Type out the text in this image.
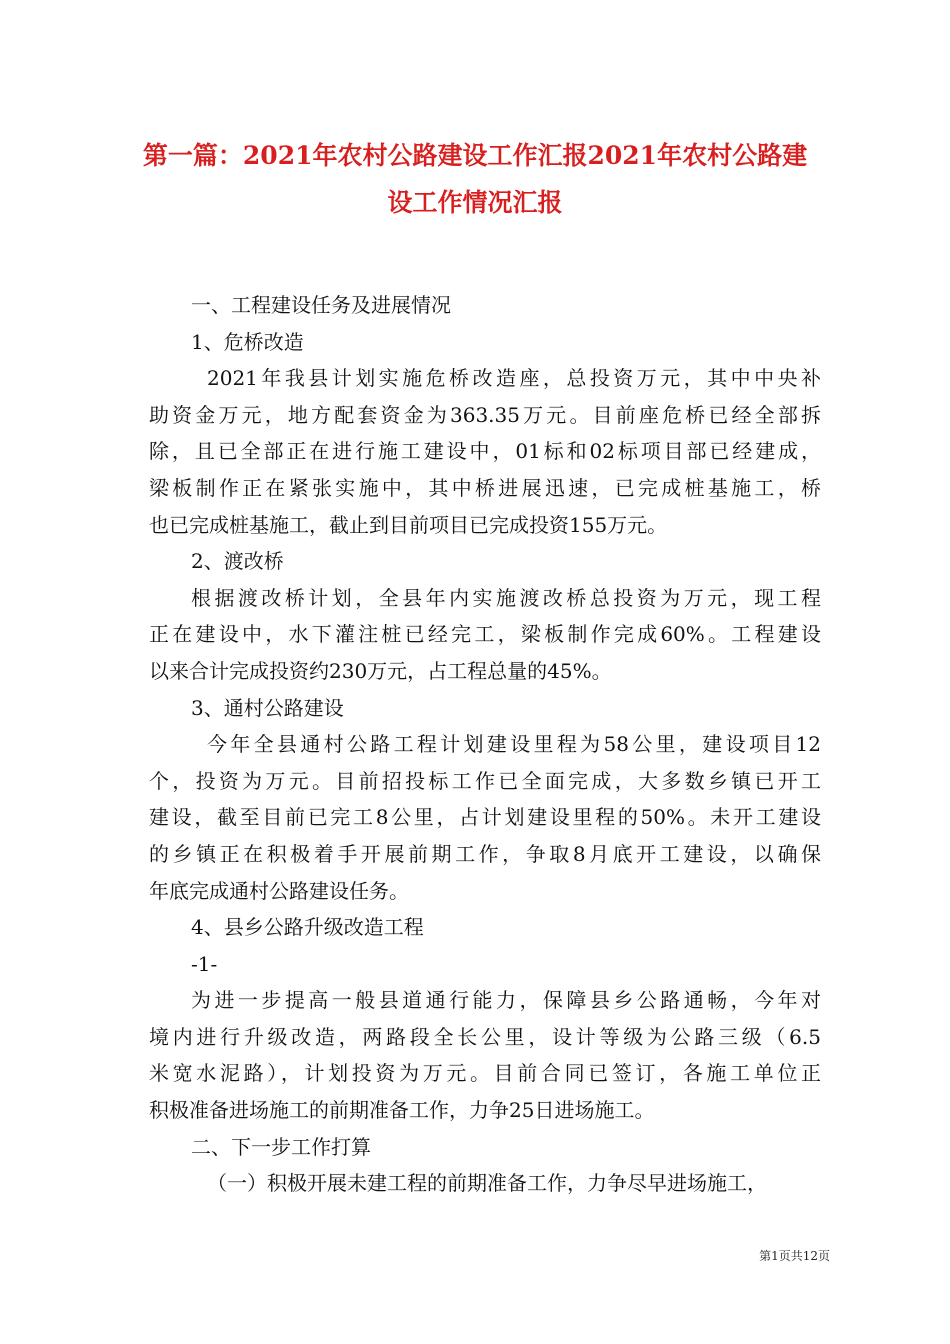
第一篇：2021年农村公路建设工作汇报2021年农村公路建
设工作情况汇报
一、工程建设任务及进展情况
1、危桥改造
2021年我县计划实施危桥改造座，总投资万元，其中中央补
助资金万元，地方配套资金为363.35万元。目前座危桥已经全部拆
除，且已全部正在进行施工建设中，01标和02标项目部已经建成，
梁板制作正在紧张实施中，其中桥进展迅速，已完成桩基施工，桥
也已完成桩基施工，截止到目前项目已完成投资155万元。
2、渡改桥
根据渡改桥计划，全县年内实施渡改桥总投资为万元，现工程
正在建设中，水下灌注桩已经完工，梁板制作完成60%。工程建设
以来合计完成投资约230万元，占工程总量的45%。
3、通村公路建设
今年全县通村公路工程计划建设里程为58公里，建设项目12
个，投资为万元。目前招投标工作已全面完成，大多数乡镇已开工
建设，截至目前已完工8公里，占计划建设里程的50%。未开工建设
的乡镇正在积极着手开展前期工作，争取8月底开工建设，以确保
年底完成通村公路建设任务。
4、县乡公路升级改造工程
-1-
为进一步提高一般县道通行能力，保障县乡公路通畅，今年对
境内进行升级改造，两路段全长公里，设计等级为公路三级（6.5
米宽水泥路），计划投资为万元。目前合同已签订，各施工单位正
积极准备进场施工的前期准备工作，力争25日进场施工。
二、下一步工作打算
（一）积极开展未建工程的前期准备工作，力争尽早进场施工，
第1页共12页
